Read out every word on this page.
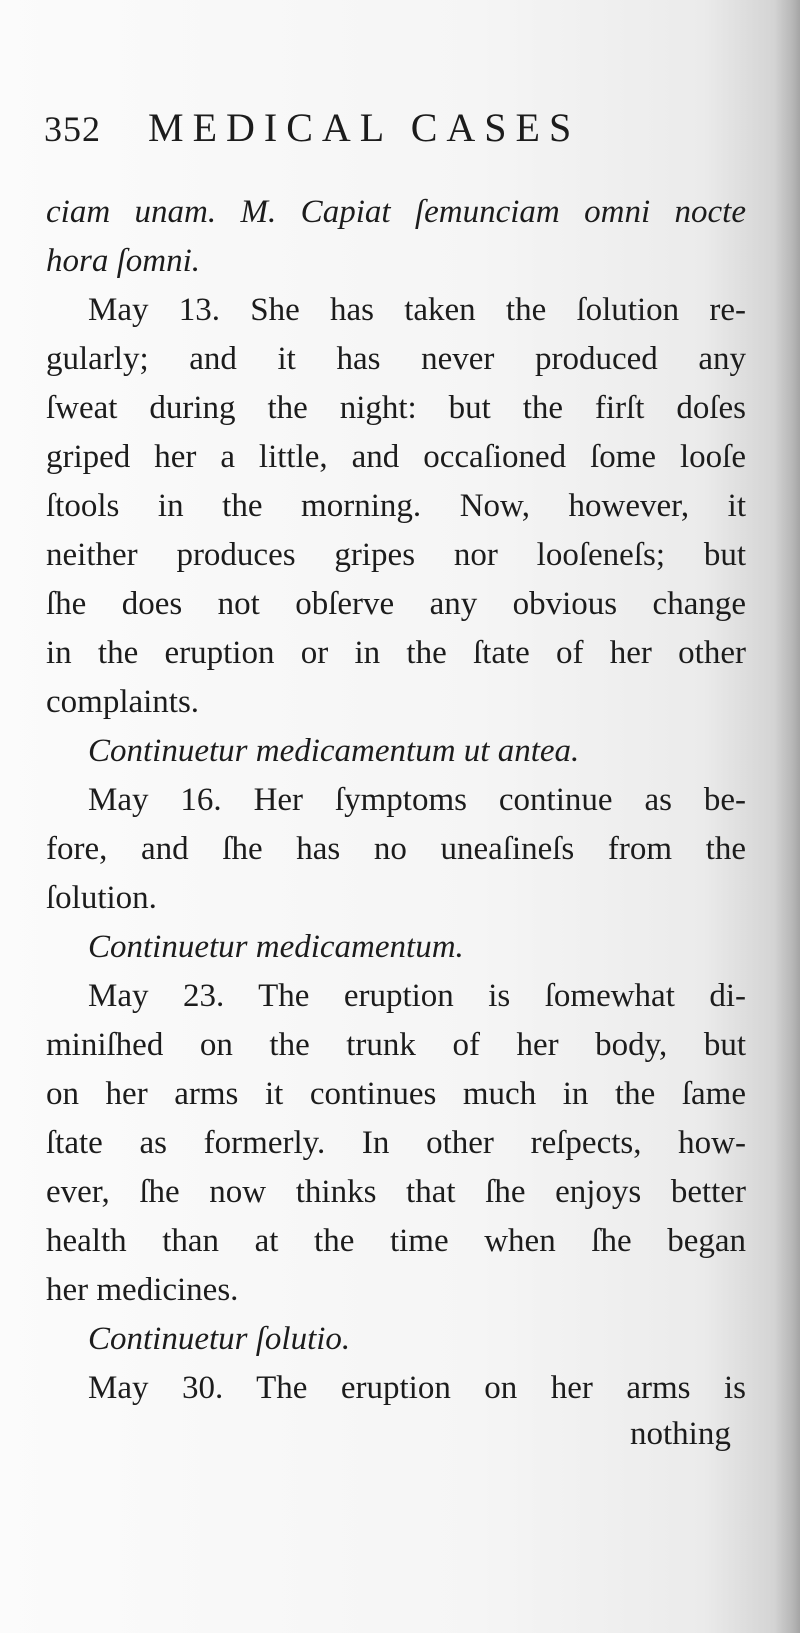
352 MEDICAL CASES
ciam unam. M. Capiat ſemunciam omni nocte
hora ſomni.
May 13. She has taken the ſolution re-
gularly; and it has never produced any
ſweat during the night: but the firſt doſes
griped her a little, and occaſioned ſome looſe
ſtools in the morning. Now, however, it
neither produces gripes nor looſeneſs; but
ſhe does not obſerve any obvious change
in the eruption or in the ſtate of her other
complaints.
Continuetur medicamentum ut antea.
May 16. Her ſymptoms continue as be-
fore, and ſhe has no uneaſineſs from the
ſolution.
Continuetur medicamentum.
May 23. The eruption is ſomewhat di-
miniſhed on the trunk of her body, but
on her arms it continues much in the ſame
ſtate as formerly. In other reſpects, how-
ever, ſhe now thinks that ſhe enjoys better
health than at the time when ſhe began
her medicines.
Continuetur ſolutio.
May 30. The eruption on her arms is
nothing
